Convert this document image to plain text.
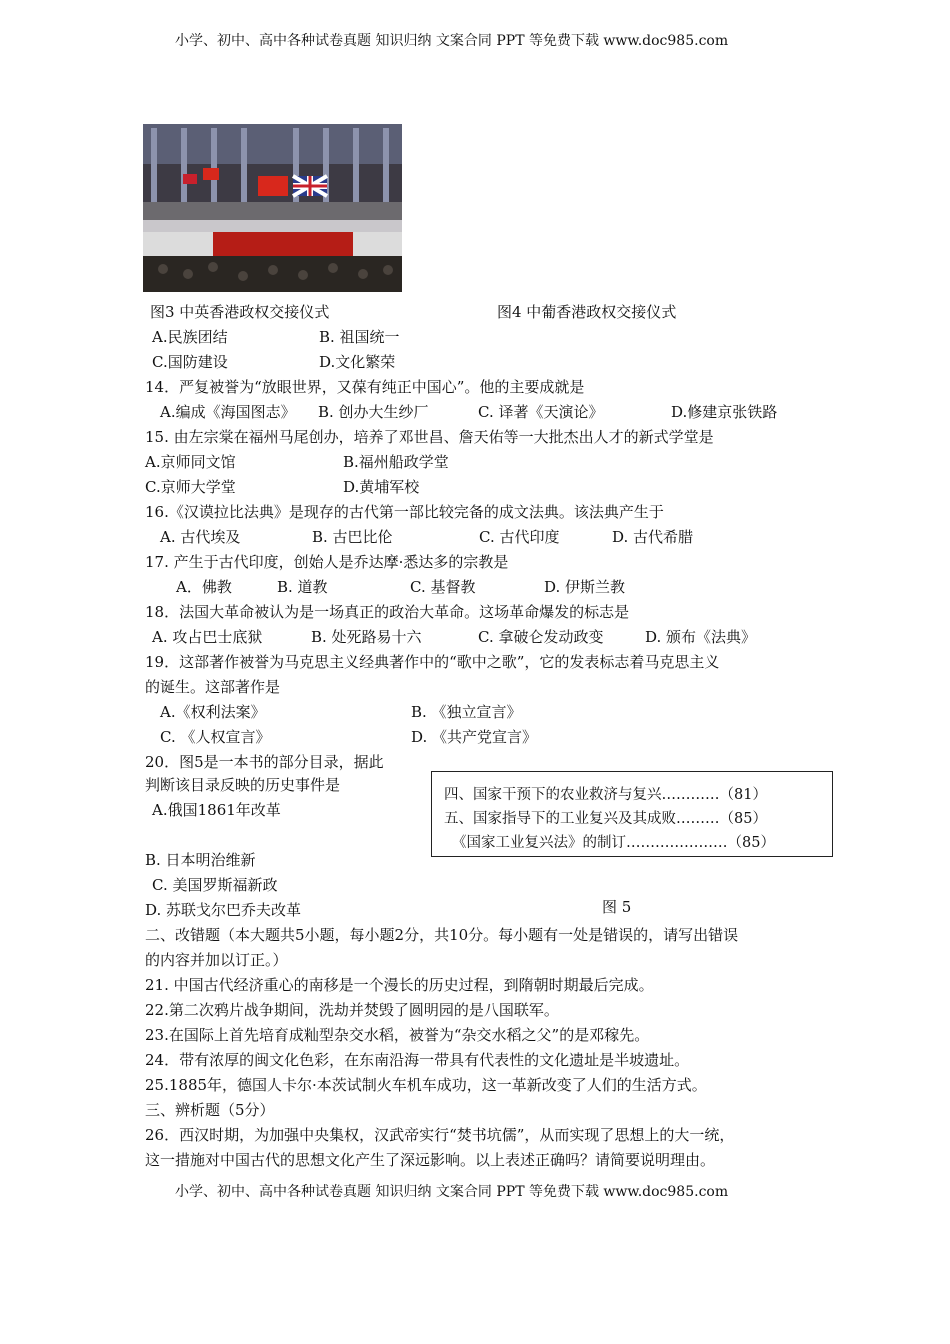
小学、初中、高中各种试卷真题 知识归纳 文案合同 PPT 等免费下载 www.doc985.com
图3 中英香港政权交接仪式	图4 中葡香港政权交接仪式
A.民族团结	B. 祖国统一
C.国防建设	D.文化繁荣
14．严复被誉为“放眼世界，又葆有纯正中国心”。他的主要成就是
A.编成《海国图志》 B. 创办大生纱厂	C. 译著《天演论》	D.修建京张铁路
15. 由左宗棠在福州马尾创办，培养了邓世昌、詹天佑等一大批杰出人才的新式学堂是
A.京师同文馆	B.福州船政学堂
C.京师大学堂	D.黄埔军校
16.《汉谟拉比法典》是现存的古代第一部比较完备的成文法典。该法典产生于
A. 古代埃及	B. 古巴比伦	C. 古代印度	D. 古代希腊
17. 产生于古代印度，创始人是乔达摩·悉达多的宗教是
A．佛教	B. 道教	C. 基督教	D. 伊斯兰教
18．法国大革命被认为是一场真正的政治大革命。这场革命爆发的标志是
A. 攻占巴士底狱	B. 处死路易十六	C. 拿破仑发动政变	D. 颁布《法典》
19．这部著作被誉为马克思主义经典著作中的“歌中之歌”，它的发表标志着马克思主义
的诞生。这部著作是
A.《权利法案》	B. 《独立宣言》
C. 《人权宣言》	D. 《共产党宣言》
20．图5是一本书的部分目录，据此
判断该目录反映的历史事件是
A.俄国1861年改革
四、国家干预下的农业救济与复兴…………（81）
五、国家指导下的工业复兴及其成败………（85）
《国家工业复兴法》的制订…………………（85）
B. 日本明治维新
C. 美国罗斯福新政
D. 苏联戈尔巴乔夫改革	图 5
二、改错题（本大题共5小题，每小题2分，共10分。每小题有一处是错误的，请写出错误
的内容并加以订正。）
21. 中国古代经济重心的南移是一个漫长的历史过程，到隋朝时期最后完成。
22.第二次鸦片战争期间，洗劫并焚毁了圆明园的是八国联军。
23.在国际上首先培育成籼型杂交水稻，被誉为“杂交水稻之父”的是邓稼先。
24．带有浓厚的闽文化色彩，在东南沿海一带具有代表性的文化遗址是半坡遗址。
25.1885年，德国人卡尔·本茨试制火车机车成功，这一革新改变了人们的生活方式。
三、辨析题（5分）
26．西汉时期，为加强中央集权，汉武帝实行“焚书坑儒”，从而实现了思想上的大一统，
这一措施对中国古代的思想文化产生了深远影响。以上表述正确吗？请简要说明理由。
小学、初中、高中各种试卷真题 知识归纳 文案合同 PPT 等免费下载 www.doc985.com
